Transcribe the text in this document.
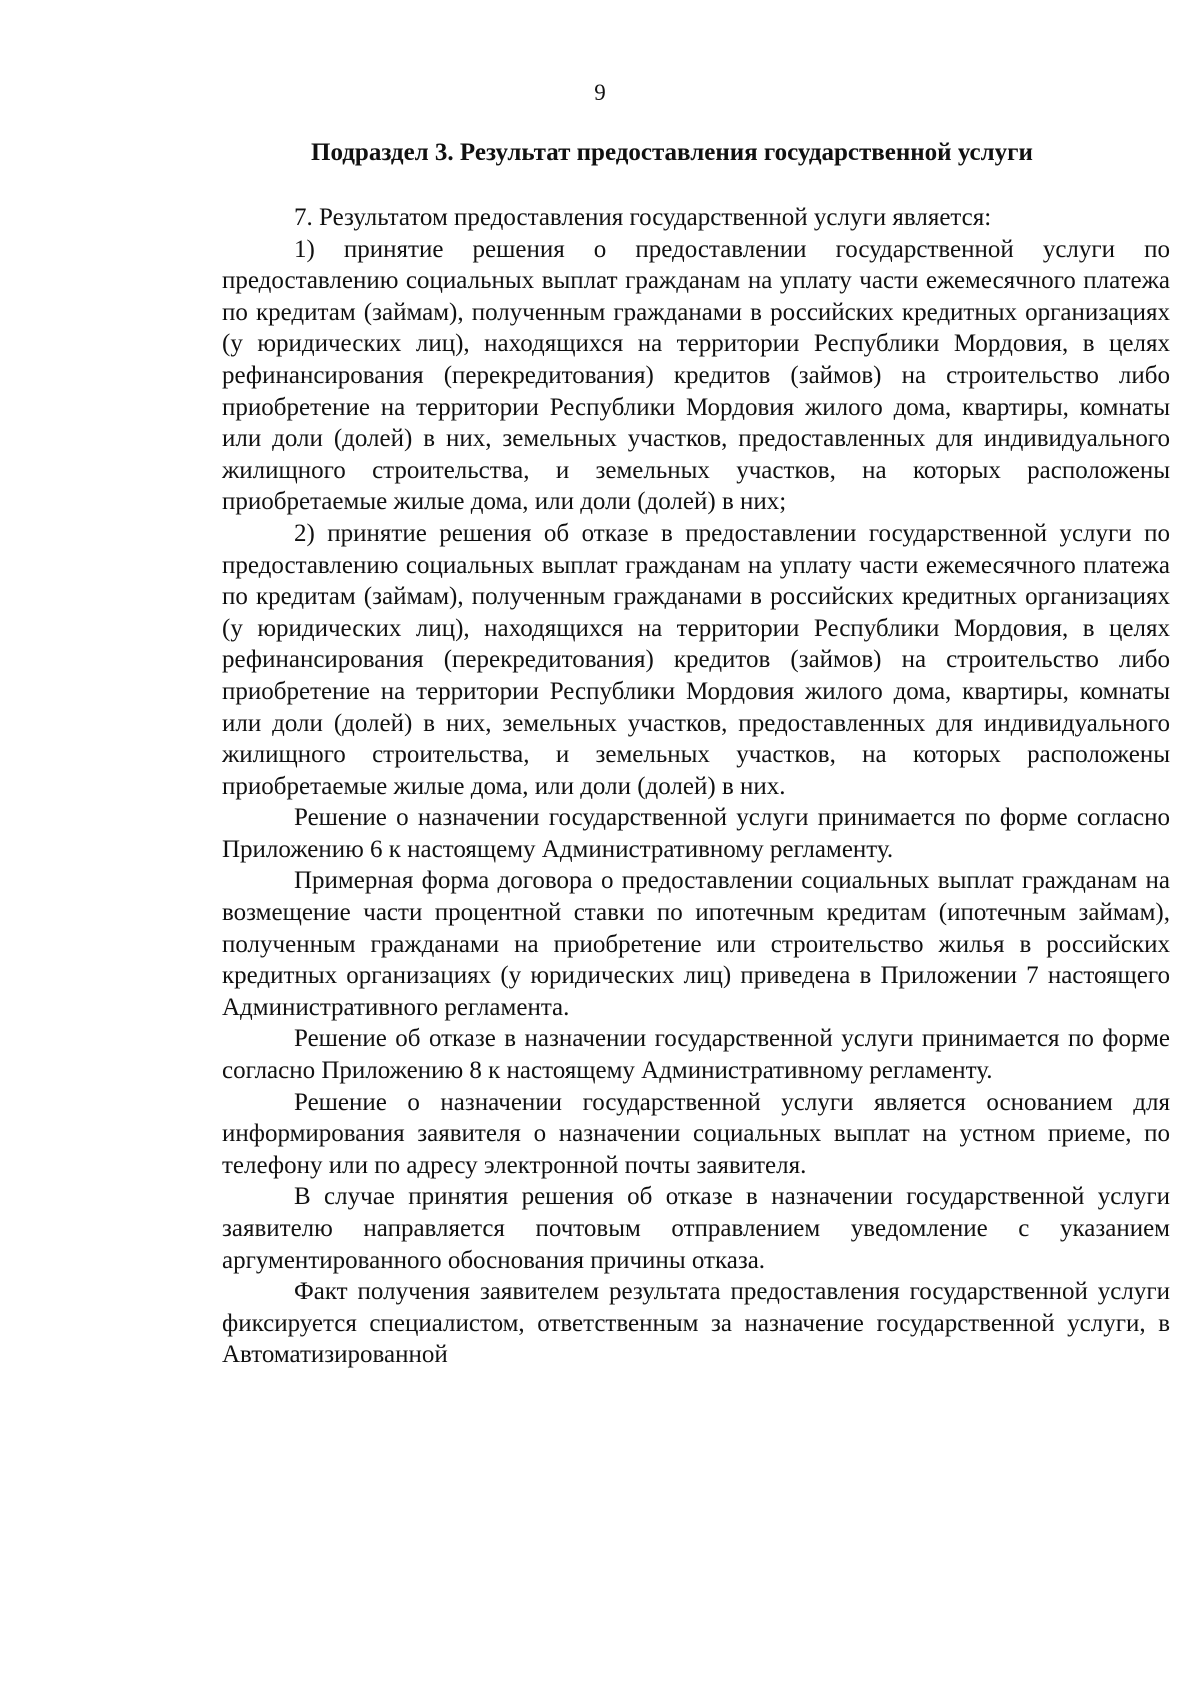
9
Подраздел 3. Результат предоставления государственной услуги

7. Результатом предоставления государственной услуги является:

1) принятие решения о предоставлении государственной услуги по предоставлению социальных выплат гражданам на уплату части ежемесячного платежа по кредитам (займам), полученным гражданами в российских кредитных организациях (у юридических лиц), находящихся на территории Республики Мордовия, в целях рефинансирования (перекредитования) кредитов (займов) на строительство либо приобретение на территории Республики Мордовия жилого дома, квартиры, комнаты или доли (долей) в них, земельных участков, предоставленных для индивидуального жилищного строительства, и земельных участков, на которых расположены приобретаемые жилые дома, или доли (долей) в них;

2) принятие решения об отказе в предоставлении государственной услуги по предоставлению социальных выплат гражданам на уплату части ежемесячного платежа по кредитам (займам), полученным гражданами в российских кредитных организациях (у юридических лиц), находящихся на территории Республики Мордовия, в целях рефинансирования (перекредитования) кредитов (займов) на строительство либо приобретение на территории Республики Мордовия жилого дома, квартиры, комнаты или доли (долей) в них, земельных участков, предоставленных для индивидуального жилищного строительства, и земельных участков, на которых расположены приобретаемые жилые дома, или доли (долей) в них.

Решение о назначении государственной услуги принимается по форме согласно Приложению 6 к настоящему Административному регламенту.

Примерная форма договора о предоставлении социальных выплат гражданам на возмещение части процентной ставки по ипотечным кредитам (ипотечным займам), полученным гражданами на приобретение или строительство жилья в российских кредитных организациях (у юридических лиц) приведена в Приложении 7 настоящего Административного регламента.

Решение об отказе в назначении государственной услуги принимается по форме согласно Приложению 8 к настоящему Административному регламенту.

Решение о назначении государственной услуги является основанием для информирования заявителя о назначении социальных выплат на устном приеме, по телефону или по адресу электронной почты заявителя.

В случае принятия решения об отказе в назначении государственной услуги заявителю направляется почтовым отправлением уведомление с указанием аргументированного обоснования причины отказа.

Факт получения заявителем результата предоставления государственной услуги фиксируется специалистом, ответственным за назначение государственной услуги, в Автоматизированной
